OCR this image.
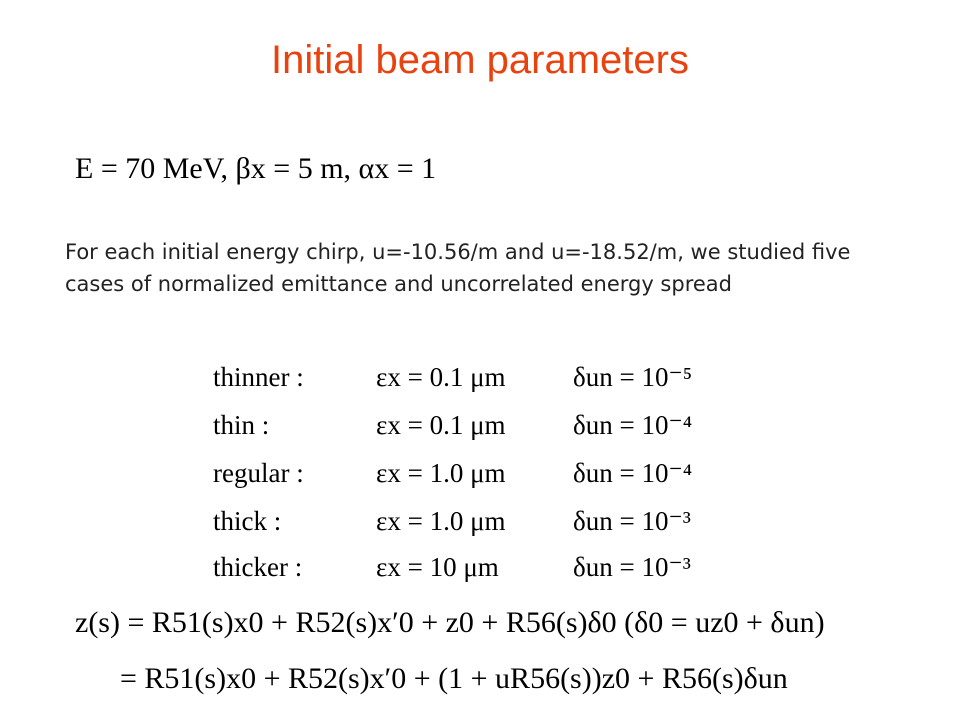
Initial beam parameters
E = 70 MeV, βx = 5 m, αx = 1
For each initial energy chirp, u=-10.56/m and u=-18.52/m, we studied five cases of normalized emittance and uncorrelated energy spread
thinner :	εx = 0.1 μm δun = 10⁻⁵
thin :	εx = 0.1 μm δun = 10⁻⁴
regular :	εx = 1.0 μm δun = 10⁻⁴
thick :	εx = 1.0 μm δun = 10⁻³
thicker :	εx = 10 μm	δun = 10⁻³
z(s) = R51(s)x0 + R52(s)x′0 + z0 + R56(s)δ0 (δ0 = uz0 + δun)
= R51(s)x0 + R52(s)x′0 + (1 + uR56(s))z0 + R56(s)δun
